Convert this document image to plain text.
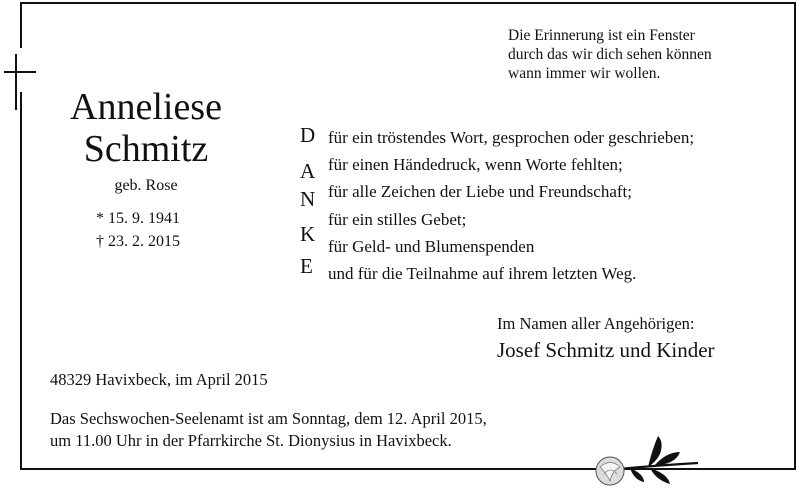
Die Erinnerung ist ein Fenster
durch das wir dich sehen können
wann immer wir wollen.
Anneliese
Schmitz
geb. Rose
* 15. 9. 1941
† 23. 2. 2015
D
A
N
K
E
für ein tröstendes Wort, gesprochen oder geschrieben;
für einen Händedruck, wenn Worte fehlten;
für alle Zeichen der Liebe und Freundschaft;
für ein stilles Gebet;
für Geld- und Blumenspenden
und für die Teilnahme auf ihrem letzten Weg.
Im Namen aller Angehörigen:
Josef Schmitz und Kinder
48329 Havixbeck, im April 2015
Das Sechswochen-Seelenamt ist am Sonntag, dem 12. April 2015,
um 11.00 Uhr in der Pfarrkirche St. Dionysius in Havixbeck.
